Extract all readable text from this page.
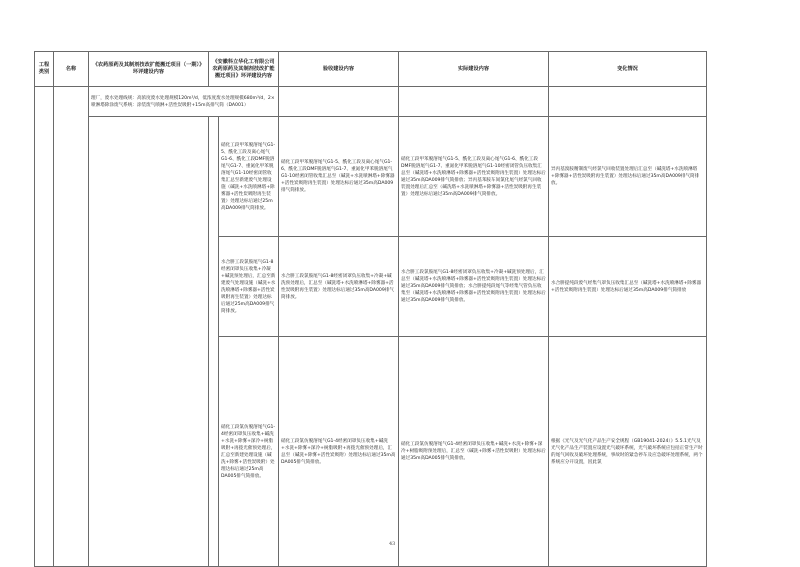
工程类别	名称	《农药原药及其制剂技改扩能搬迁项目（一期）》环评建设内容	《安徽科立华化工有限公司农药原药及其制剂技改扩能搬迁项目》环评建设内容		验收建设内容	实际建设内容	变化情况
		理厂，废水处理线规：高浓度废水处理规模120m³/d，低浓度废水处理规模680m³/d，2×喷淋塔除涂废气系统：涂装废气喷淋+活性炭吸附+15m高排气筒（DA001）					
				硝化工段甲苯脱溶尾气G1-5、酰化工段及离心尾气G1-6、酰化工段DMF脱溶尾气G1-7、重氮化甲苯脱溶尾气G1-10经密闭管收集汇总至新建废气处理设施（碱洗+水洗喷淋塔+除雾器+活性炭吸附再生装置）处理达标后通过25m高DA009排气筒排放。	硝化工段甲苯脱溶尾气G1-5、酰化工段及离心尾气G1-6、酰化工段DMF脱溶尾气G1-7、重氮化甲苯脱溶尾气G1-10经密闭管收集汇总至（碱洗+水洗喷淋塔+除雾器+活性炭吸附再生装置）处理达标后通过35m高DA009排气筒排放。	硝化工段甲苯脱溶尾气G1-5、酰化工段及离心尾气G1-6、酰化工段DMF脱溶尾气G1-7、重氮化甲苯脱溶尾气G1-10经密闭管负压收集汇总至（碱洗塔+水洗喷淋塔+除雾器+活性炭吸附再生装置）处理达标后通过35m高DA009排气筒排放；异丙基苯胺车间氯化尾气经氯气回收装置处理后汇总至（碱洗塔+水洗喷淋塔+除雾器+活性炭吸附再生装置）处理达标后通过35m高DA009排气筒排放。	异丙基溴胺精制废气经氯气回收装置处理后汇总至（碱洗塔+水洗喷淋塔+除雾器+活性炭吸附再生装置）处理达标后通过35m高DA009排气筒排放。
				水合肼工段氯胺尾气G1-8经密闭罩负压收集+冷凝+碱洗预处理后，汇总至新建废气处理设施（碱洗+水洗喷淋塔+除雾器+活性炭吸附再生装置）处理达标后通过25m高DA009排气筒排放。	水合肼工段氯胺尾气G1-8经密闭罩负压收集+冷凝+碱洗预处理后，汇总至（碱洗塔+水洗喷淋塔+除雾器+活性炭吸附再生装置）处理达标后通过35m高DA009排气筒排放。	水合肼工段氯胺尾气G1-8经密闭罩负压收集+冷凝+碱洗预处理后，汇总至（碱洗塔+水洗喷淋塔+除雾器+活性炭吸附再生装置）处理达标后通过35m高DA009排气筒排放；水合肼提纯段尾气等经集气管负压收集至（碱洗塔+水洗喷淋塔+除雾器+活性炭吸附再生装置）处理达标后通过35m高DA009排气筒排放。	水合肼提纯段废气经集气罩负压收集汇总至（碱洗塔+水洗喷淋塔+除雾器+活性炭吸附再生装置）处理达标后通过35m高DA009排气筒排放
				硝化工段氯仿脱溶尾气G1-4经密闭罩负压收集+碱洗+水洗+除雾+深冷+树脂吸附+再拨光催预处理后，汇总至新建处理设施（碱洗+除雾+活性炭吸附）处理达标后通过25m高DA005排气筒排放。	硝化工段氯仿脱溶尾气G1-4经密闭罩负压收集+碱洗+水洗+除雾+深冷+树脂吸附+再拨光催预处理后，汇总至（碱洗+除雾+活性炭吸附）处理达标后通过35m高DA005排气筒排放。	硝化工段氯仿脱溶尾气G1-4经密闭罩负压收集+碱洗+水洗+除雾+深冷+树脂吸附预处理后，汇总至（碱洗+除雾+活性炭吸附）处理达标后通过35m高DA005排气筒排放。	根据《光气及光气化产品生产安全规程（GB19041-2024）》5.5.1光气及光气化产品生产装置应设置光气破坏系统，光气破坏系统应包括正常生产时的尾气回收及破坏处理系统，事故时的紧急停车及应急破坏处理系统，两个系统应分开设置，因此氯
43
